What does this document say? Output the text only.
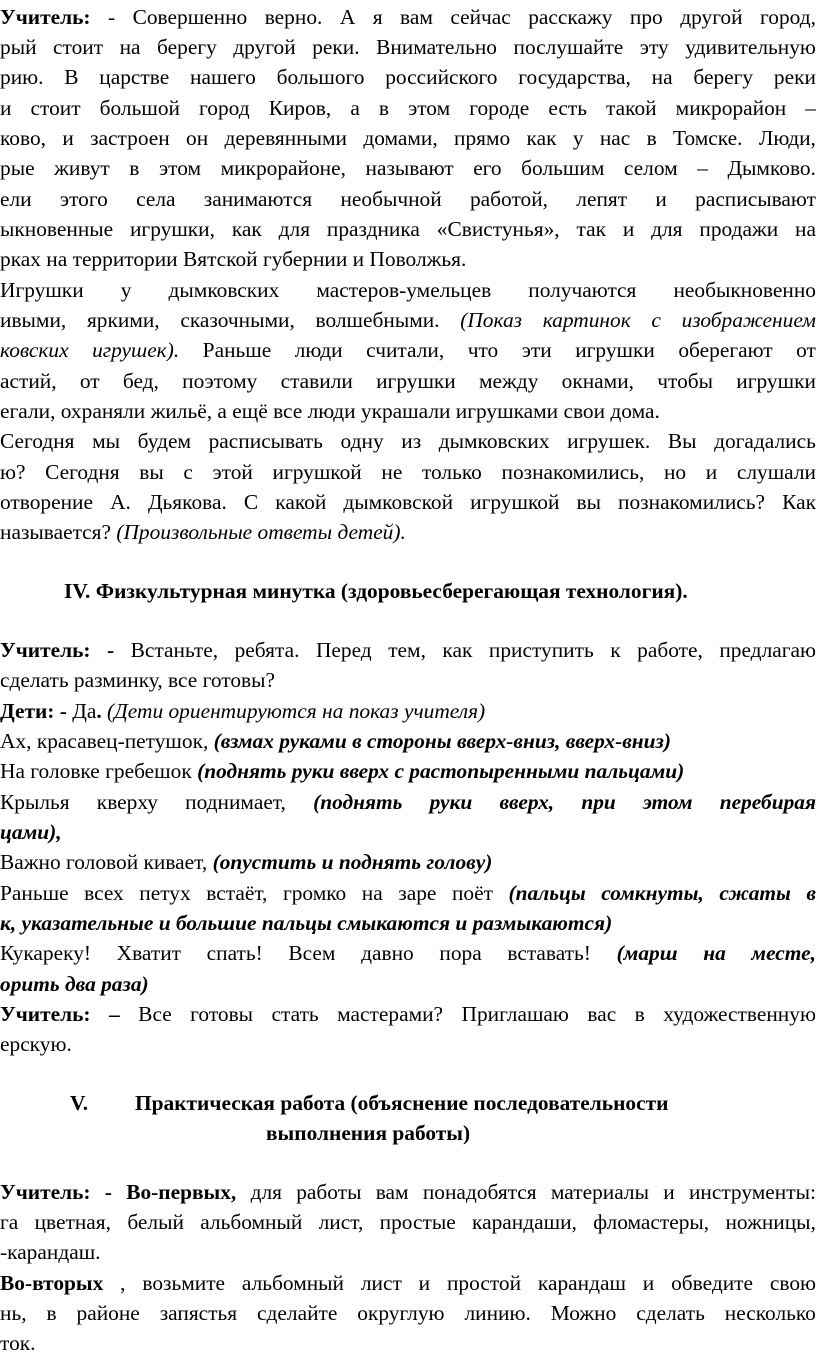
Учитель: - Совершенно верно. А я вам сейчас расскажу про другой город,
рый стоит на берегу другой реки. Внимательно послушайте эту удивительную
рию. В царстве нашего большого российского государства, на берегу реки
и стоит большой город Киров, а в этом городе есть такой микрорайон –
ково, и застроен он деревянными домами, прямо как у нас в Томске. Люди,
рые живут в этом микрорайоне, называют его большим селом – Дымково.
ели этого села занимаются необычной работой, лепят и расписывают
ыкновенные игрушки, как для праздника «Свистунья», так и для продажи на
рках на территории Вятской губернии и Поволжья.
Игрушки у дымковских мастеров-умельцев получаются необыкновенно
ивыми, яркими, сказочными, волшебными. (Показ картинок с изображением
ковских игрушек). Раньше люди считали, что эти игрушки оберегают от
астий, от бед, поэтому ставили игрушки между окнами, чтобы игрушки
егали, охраняли жильё, а ещё все люди украшали игрушками свои дома.
Сегодня мы будем расписывать одну из дымковских игрушек. Вы догадались
ю? Сегодня вы с этой игрушкой не только познакомились, но и слушали
отворение А. Дьякова. С какой дымковской игрушкой вы познакомились? Как
называется? (Произвольные ответы детей).
IV. Физкультурная минутка (здоровьесберегающая технология).
Учитель: - Встаньте, ребята. Перед тем, как приступить к работе, предлагаю
сделать разминку, все готовы?
Дети: - Да. (Дети ориентируются на показ учителя)
Ах, красавец-петушок, (взмах руками в стороны вверх-вниз, вверх-вниз)
На головке гребешок (поднять руки вверх с растопыренными пальцами)
Крылья кверху поднимает, (поднять руки вверх, при этом перебирая
цами),
Важно головой кивает, (опустить и поднять голову)
Раньше всех петух встаёт, громко на заре поёт (пальцы сомкнуты, сжаты в
к, указательные и большие пальцы смыкаются и размыкаются)
Кукареку! Хватит спать! Всем давно пора вставать! (марш на месте,
орить два раза)
Учитель: – Все готовы стать мастерами? Приглашаю вас в художественную
ерскую.
V. Практическая работа (объяснение последовательности
выполнения работы)
Учитель: - Во-первых, для работы вам понадобятся материалы и инструменты:
га цветная, белый альбомный лист, простые карандаши, фломастеры, ножницы,
-карандаш.
Во-вторых , возьмите альбомный лист и простой карандаш и обведите свою
нь, в районе запястья сделайте округлую линию. Можно сделать несколько
ток.
